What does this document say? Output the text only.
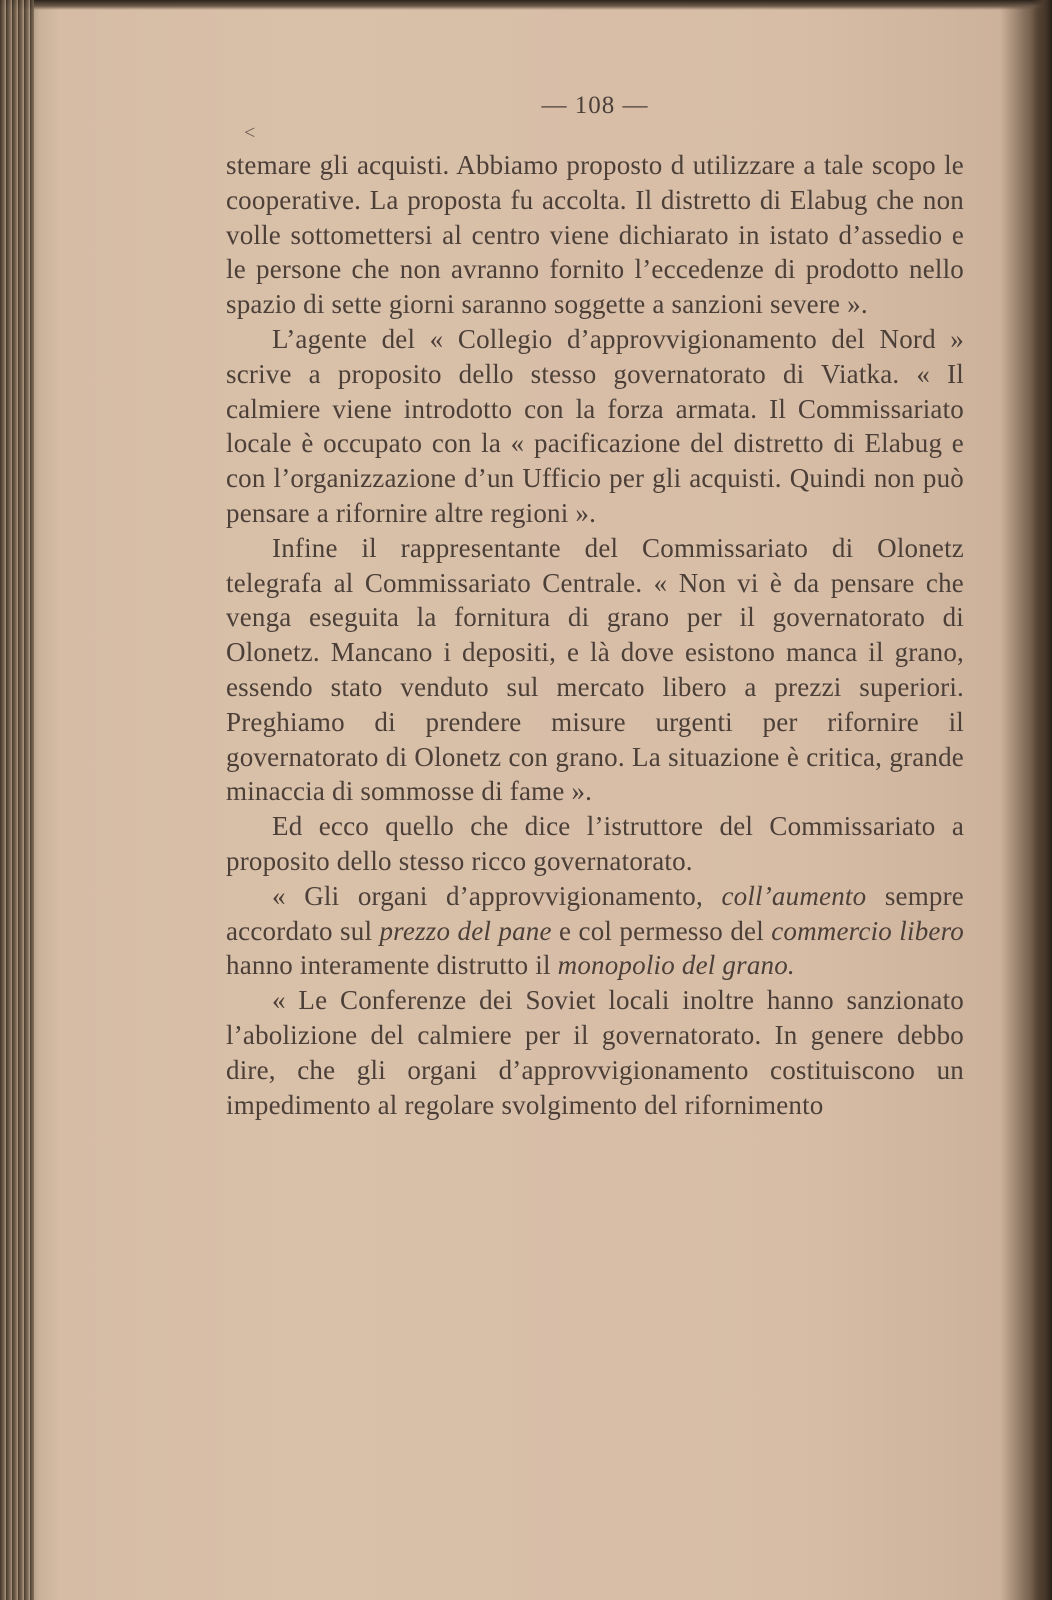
<
— 108 —

stemare gli acquisti. Abbiamo proposto d utilizzare a tale scopo le cooperative. La proposta fu accolta. Il distretto di Elabug che non volle sottomettersi al centro viene dichiarato in istato d’assedio e le persone che non avranno fornito l’eccedenze di prodotto nello spazio di sette giorni saranno soggette a sanzioni severe ».

L’agente del « Collegio d’approvvigionamento del Nord » scrive a proposito dello stesso governatorato di Viatka. « Il calmiere viene introdotto con la forza armata. Il Commissariato locale è occupato con la « pacificazione del distretto di Elabug e con l’organizzazione d’un Ufficio per gli acquisti. Quindi non può pensare a rifornire altre regioni ».

Infine il rappresentante del Commissariato di Olonetz telegrafa al Commissariato Centrale. « Non vi è da pensare che venga eseguita la fornitura di grano per il governatorato di Olonetz. Mancano i depositi, e là dove esistono manca il grano, essendo stato venduto sul mercato libero a prezzi superiori. Preghiamo di prendere misure urgenti per rifornire il governatorato di Olonetz con grano. La situazione è critica, grande minaccia di sommosse di fame ».

Ed ecco quello che dice l’istruttore del Commissariato a proposito dello stesso ricco governatorato.

« Gli organi d’approvvigionamento, coll’aumento sempre accordato sul prezzo del pane e col permesso del commercio libero hanno interamente distrutto il monopolio del grano.

« Le Conferenze dei Soviet locali inoltre hanno sanzionato l’abolizione del calmiere per il governatorato. In genere debbo dire, che gli organi d’approvvigionamento costituiscono un impedimento al regolare svolgimento del rifornimento
